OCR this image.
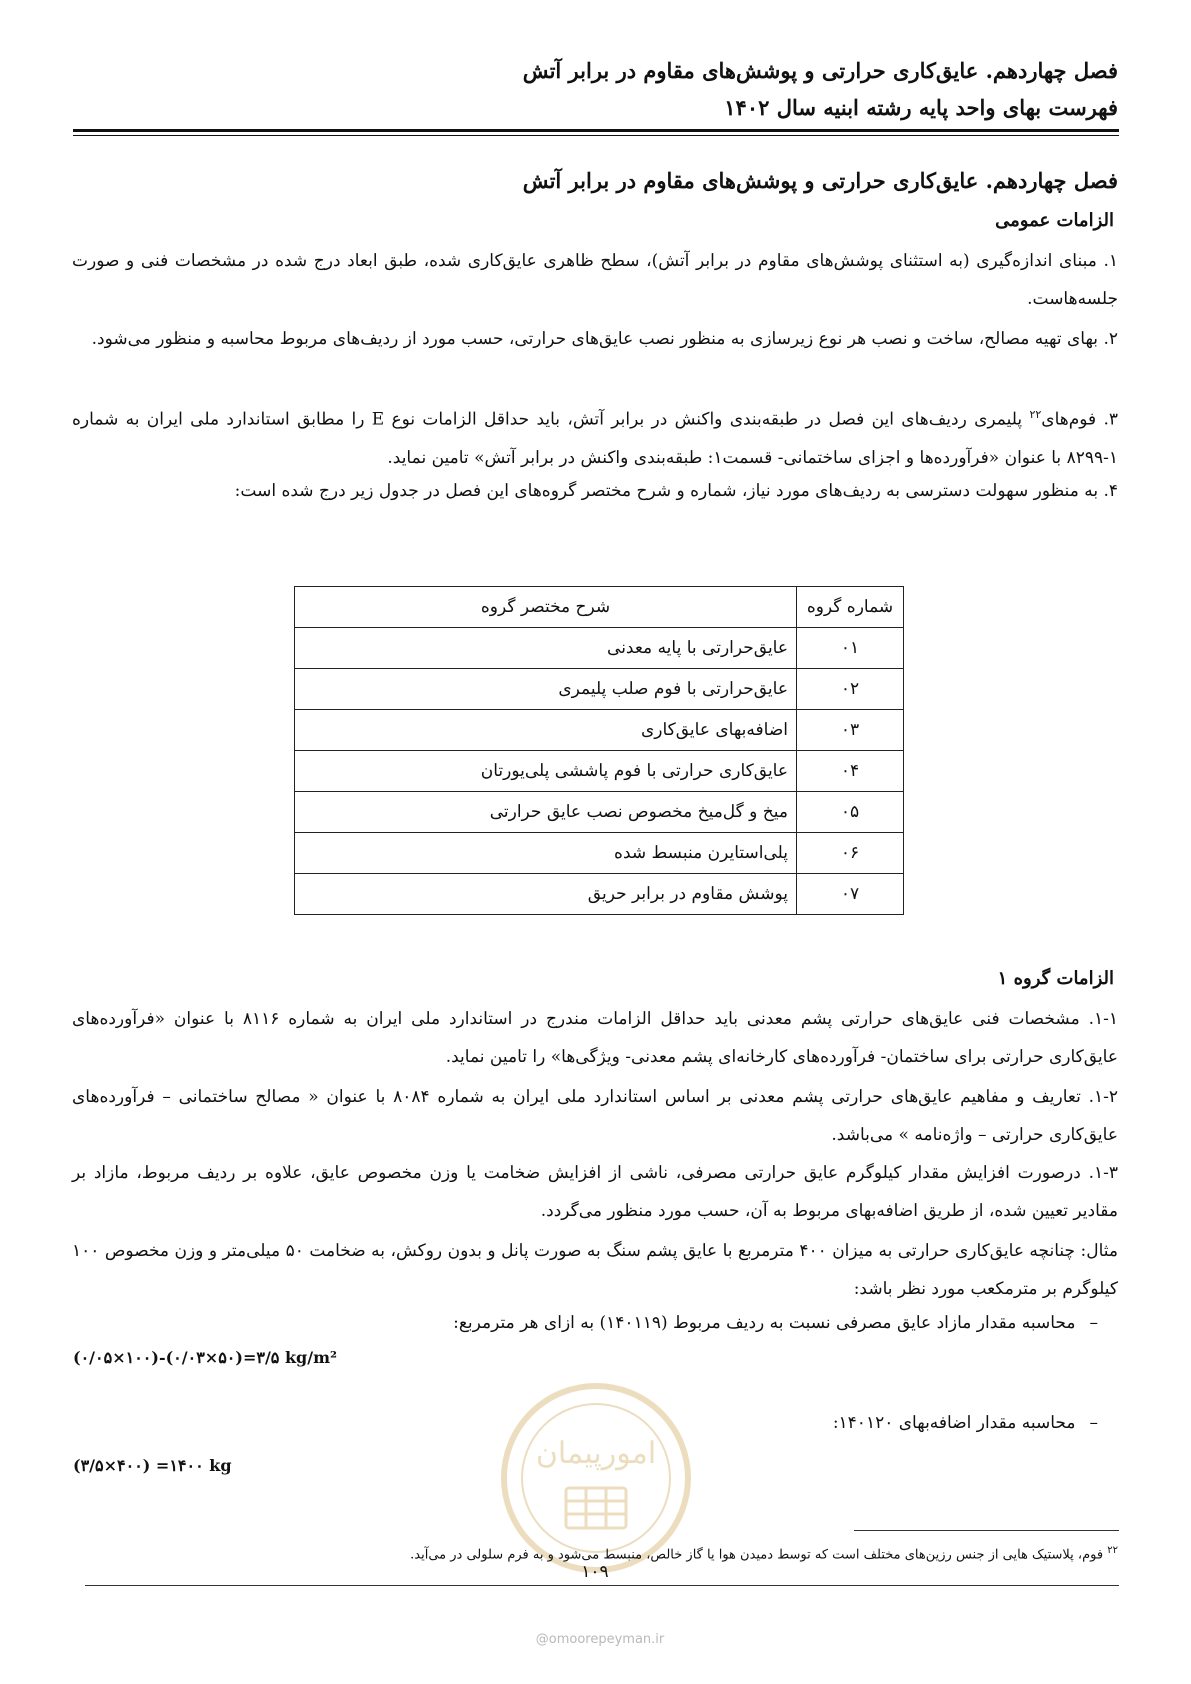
فصل چهاردهم. عایق‌کاری حرارتی و پوشش‌های مقاوم در برابر آتش
فهرست بهای واحد پایه رشته ابنیه سال ۱۴۰۲
فصل چهاردهم. عایق‌کاری حرارتی و پوشش‌های مقاوم در برابر آتش
الزامات عمومی
۱. مبنای اندازه‌گیری (به استثنای پوشش‌های مقاوم در برابر آتش)، سطح ظاهری عایق‌کاری شده، طبق ابعاد درج شده در مشخصات فنی و صورت جلسه‌هاست.
۲. بهای تهیه مصالح، ساخت و نصب هر نوع زیرسازی به منظور نصب عایق‌های حرارتی، حسب مورد از ردیف‌های مربوط محاسبه و منظور می‌شود.
۳. فوم‌های$^{۲۲}$ پلیمری ردیف‌های این فصل در طبقه‌بندی واکنش در برابر آتش، باید حداقل الزامات نوع E را مطابق استاندارد ملی ایران به شماره ۱-۸۲۹۹ با عنوان «فرآورده‌ها و اجزای ساختمانی- قسمت۱: طبقه‌بندی واکنش در برابر آتش» تامین نماید.
۴. به منظور سهولت دسترسی به ردیف‌های مورد نیاز، شماره و شرح مختصر گروه‌های این فصل در جدول زیر درج شده است:
شماره گروه	شرح مختصر گروه
۰۱	عایق‌حرارتی با پایه معدنی
۰۲	عایق‌حرارتی با فوم صلب پلیمری
۰۳	اضافه‌بهای عایق‌کاری
۰۴	عایق‌کاری حرارتی با فوم پاششی پلی‌یورتان
۰۵	میخ و گل‌میخ مخصوص نصب عایق حرارتی
۰۶	پلی‌استایرن منبسط شده
۰۷	پوشش مقاوم در برابر حریق
الزامات گروه ۱
۱-۱. مشخصات فنی عایق‌های حرارتی پشم معدنی باید حداقل الزامات مندرج در استاندارد ملی ایران به شماره ۸۱۱۶ با عنوان «فرآورده‌های عایق‌کاری حرارتی برای ساختمان- فرآورده‌های کارخانه‌ای پشم معدنی- ویژگی‌ها» را تامین نماید.
۱-۲. تعاریف و مفاهیم عایق‌های حرارتی پشم معدنی بر اساس استاندارد ملی ایران به شماره ۸۰۸۴ با عنوان « مصالح ساختمانی – فرآورده‌های عایق‌کاری حرارتی – واژه‌نامه » می‌باشد.
۱-۳. درصورت افزایش مقدار کیلوگرم عایق حرارتی مصرفی، ناشی از افزایش ضخامت یا وزن مخصوص عایق، علاوه بر ردیف مربوط، مازاد بر مقادیر تعیین شده، از طریق اضافه‌بهای مربوط به آن، حسب مورد منظور می‌گردد.
مثال: چنانچه عایق‌کاری حرارتی به میزان ۴۰۰ مترمربع با عایق پشم سنگ به صورت پانل و بدون روکش، به ضخامت ۵۰ میلی‌متر و وزن مخصوص ۱۰۰ کیلوگرم بر مترمکعب مورد نظر باشد:
–محاسبه مقدار مازاد عایق مصرفی نسبت به ردیف مربوط (۱۴۰۱۱۹) به ازای هر مترمربع:
(۰/۰۵×۱۰۰)-(۰/۰۳×۵۰)=۳/۵ kg/m²
–محاسبه مقدار اضافه‌بهای ۱۴۰۱۲۰:
(۳/۵×۴۰۰) =۱۴۰۰ kg	امورپیمان
$^{۲۲}$ فوم، پلاستیک هایی از جنس رزین‌های مختلف است که توسط دمیدن هوا یا گاز خالص، منبسط می‌شود و به فرم سلولی در می‌آید.
۱۰۹
@omoorepeyman.ir
